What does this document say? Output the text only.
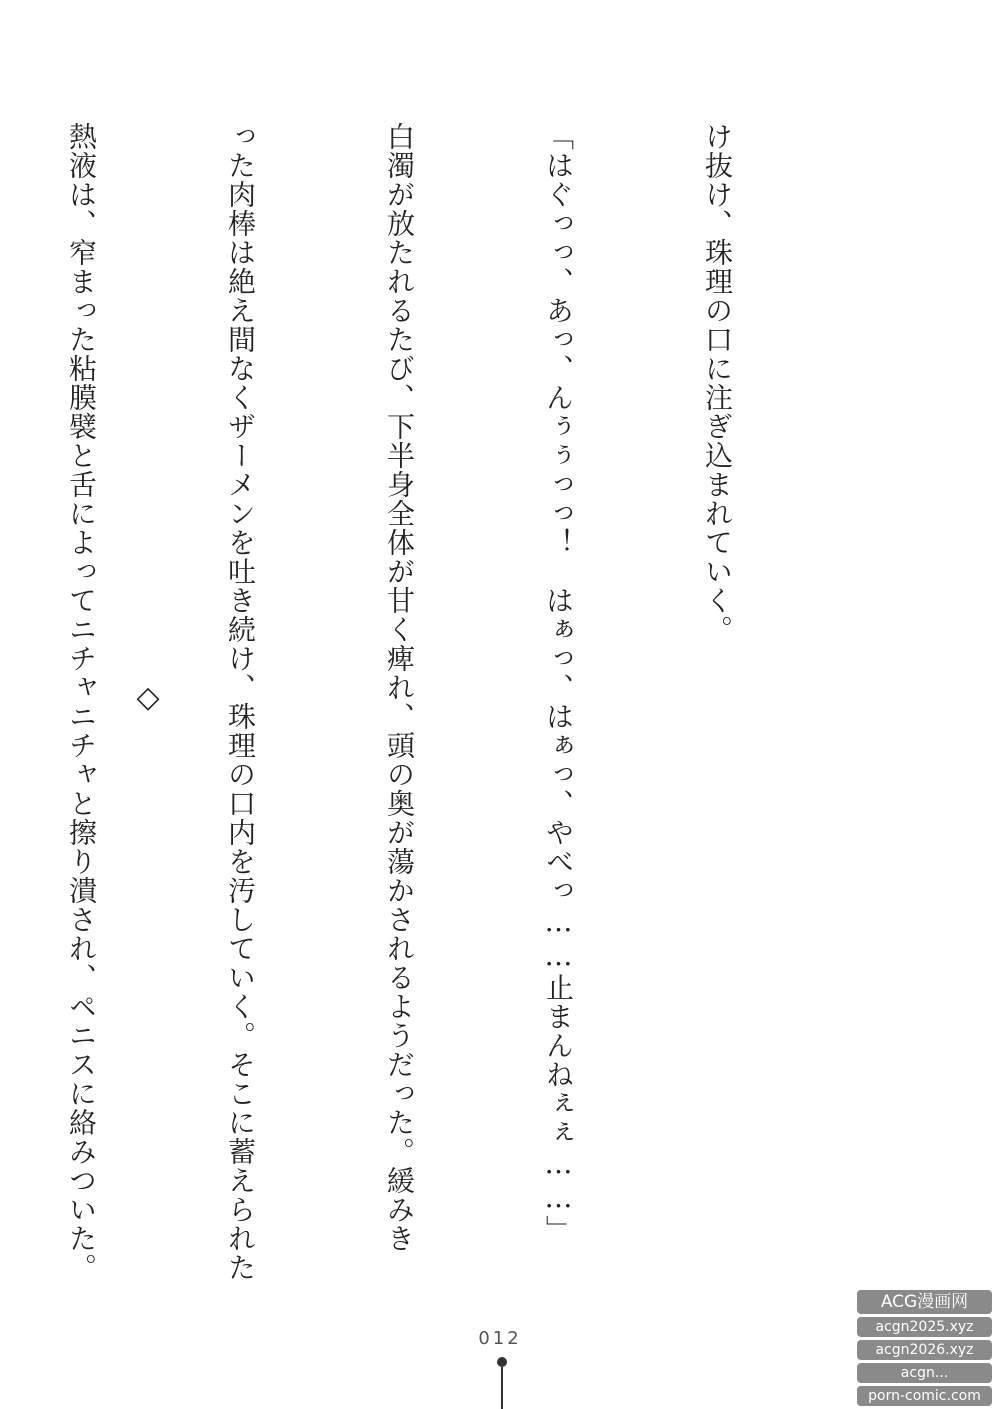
け抜け、珠理の口に注ぎ込まれていく。

「はぐっっ、あっ、んぅぅっっ！　はぁっ、はぁっ、やべっ……止まんねぇぇ……」

白濁が放たれるたび、下半身全体が甘く痺れ、頭の奥が蕩かされるようだった。緩みき

った肉棒は絶え間なくザーメンを吐き続け、珠理の口内を汚していく。そこに蓄えられた

熱液は、窄まった粘膜襞と舌によってニチャニチャと擦り潰され、ペニスに絡みついた。

	◇
012
ACG漫画网
acgn2025.xyz
acgn2026.xyz
acgn...
porn-comic.com
